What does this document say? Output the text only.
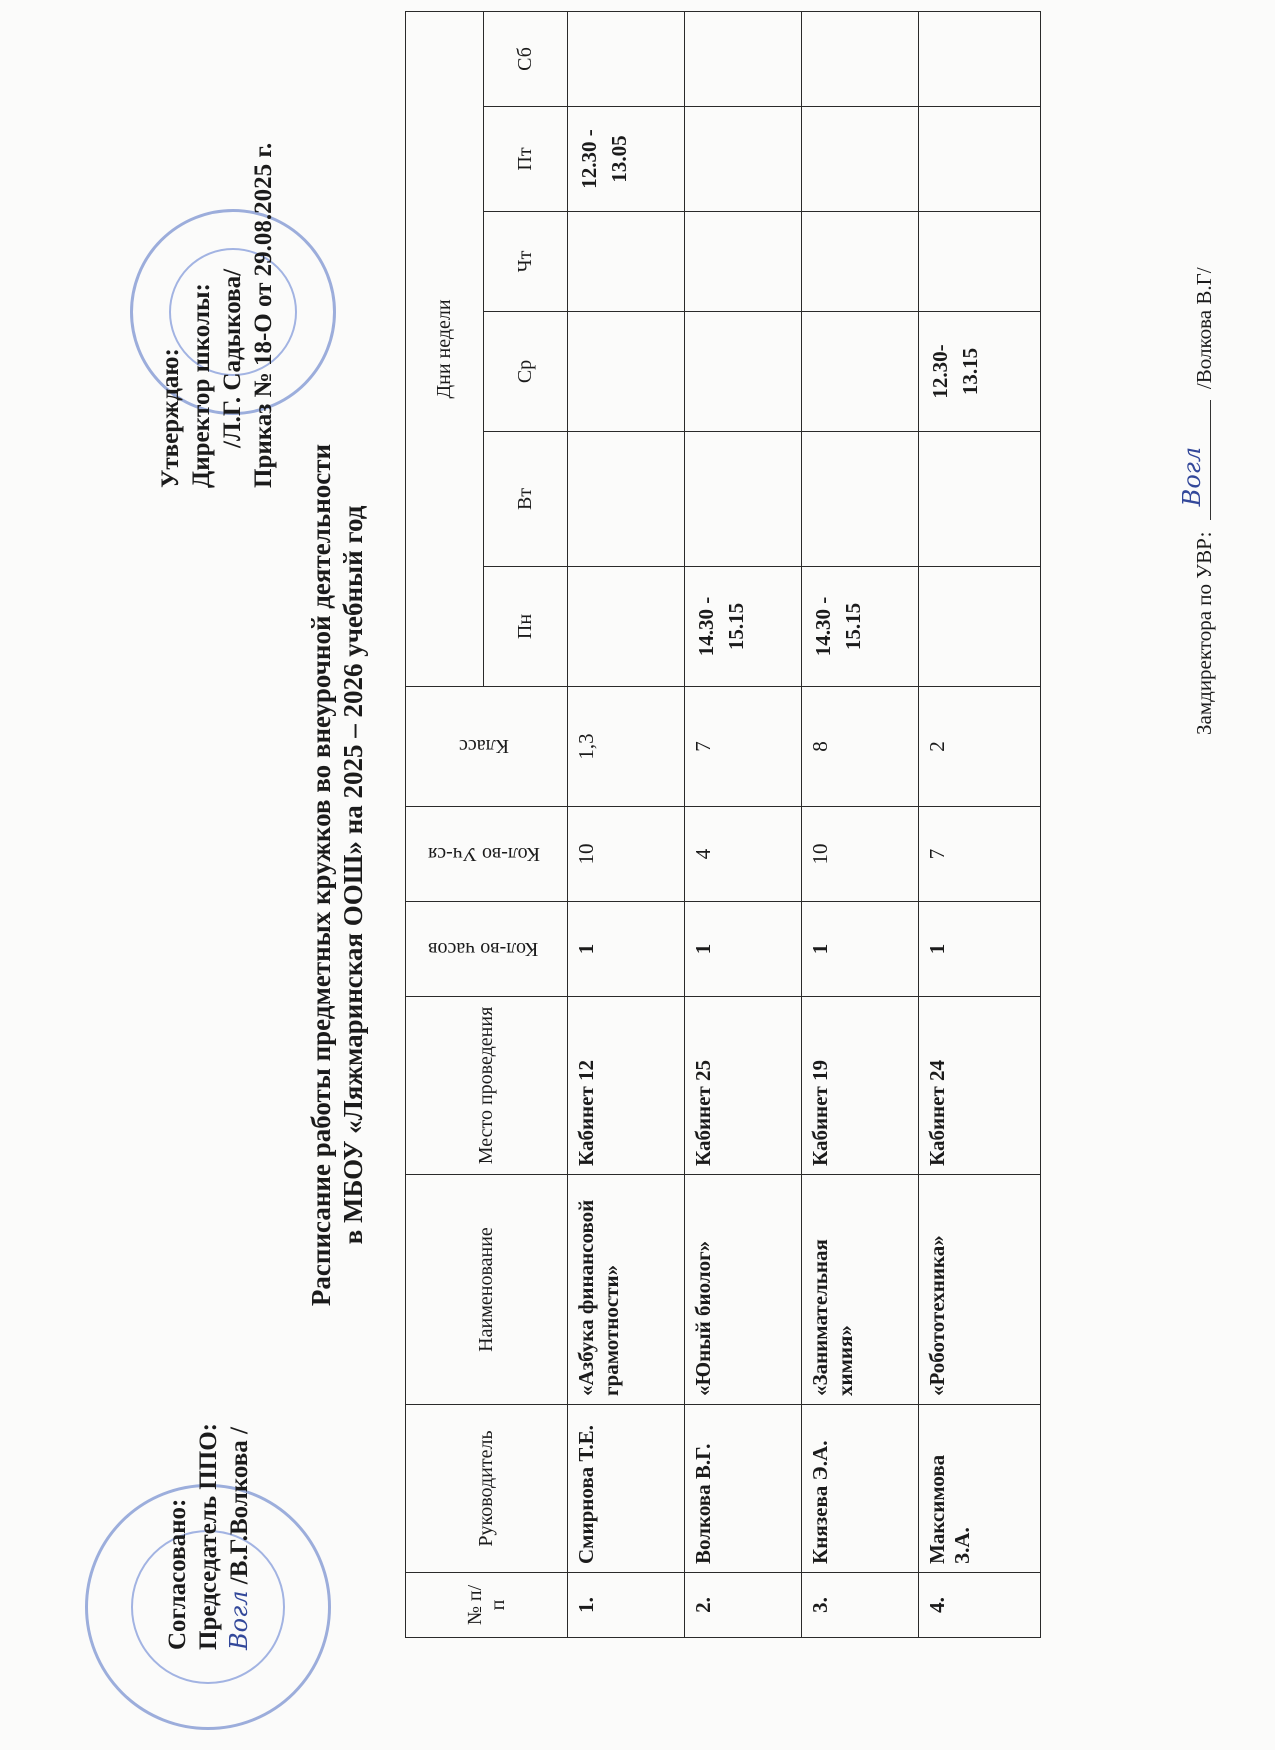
Согласовано: Председатель ППО: Вогл /В.Г.Волкова /
Утверждаю: Директор школы: /Л.Г. Садыкова/ Приказ № 18-О от 29.08.2025 г.
Расписание работы предметных кружков во внеурочной деятельности в МБОУ «Ляжмаринская ООШ» на 2025 – 2026 учебный год
№ п/п	Руководитель	Наименование	Место проведения	Кол-во часов	Кол-во Уч-ся	Класс	Дни недели					
							Пн	Вт	Ср	Чт	Пт	Сб
1.	Смирнова Т.Е.	«Азбука финансовой грамотности»	Кабинет 12	1	10	1,3					12.30 - 13.05	

2.	Волкова В.Г.	«Юный биолог»	Кабинет 25	1	4	7	14.30 - 15.15					

3.	Князева Э.А.	«Занимательная химия»	Кабинет 19	1	10	8	14.30 - 15.15					

4.	Максимова З.А.	«Робототехника»	Кабинет 24	1	7	2			12.30- 13.15			

Замдиректора по УВР:
Вогл
/Волкова В.Г/
